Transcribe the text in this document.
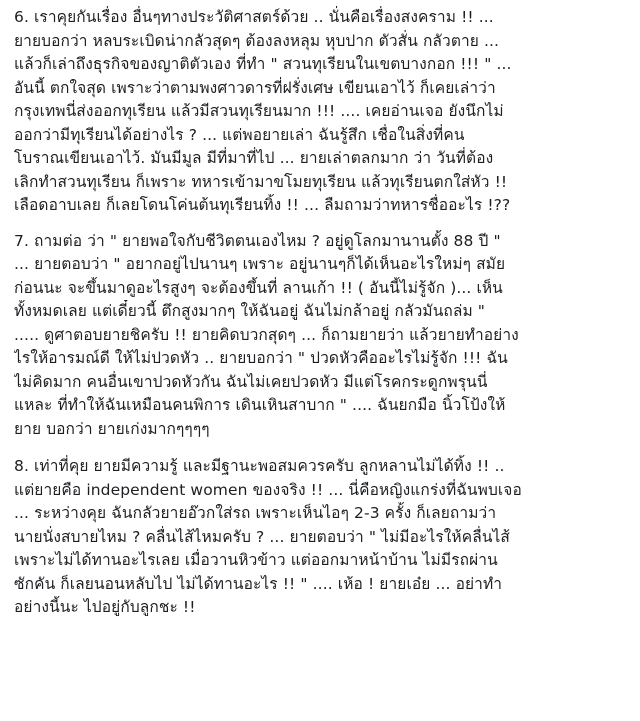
6. เราคุยกันเรื่อง อื่นๆทางประวัติศาสตร์ด้วย .. นั่นคือเรื่องสงคราม !! ...
ยายบอกว่า หลบระเบิดน่ากลัวสุดๆ ต้องลงหลุม หุบปาก ตัวสั่น กลัวตาย ...
แล้วก็เล่าถึงธุรกิจของญาติตัวเอง ที่ทำ " สวนทุเรียนในเขตบางกอก !!! " ...
อันนี้ ตกใจสุด เพราะว่าตามพงศาวดารที่ฝรั่งเศษ เขียนเอาไว้ ก็เคยเล่าว่า
กรุงเทพนี่ส่งออกทุเรียน แล้วมีสวนทุเรียนมาก !!! .... เคยอ่านเจอ ยังนึกไม่
ออกว่ามีทุเรียนได้อย่างไร ? ... แต่พอยายเล่า ฉันรู้สึก เชื่อในสิ่งที่คน
โบราณเขียนเอาไว้. มันมีมูล มีที่มาที่ไป ... ยายเล่าตลกมาก ว่า วันที่ต้อง
เลิกทำสวนทุเรียน ก็เพราะ ทหารเข้ามาขโมยทุเรียน แล้วทุเรียนตกใส่หัว !!
เลือดอาบเลย ก็เลยโดนโค่นต้นทุเรียนทิ้ง !! ... ลืมถามว่าทหารชื่ออะไร !??
7. ถามต่อ ว่า " ยายพอใจกับชีวิตตนเองไหม ? อยู่ดูโลกมานานตั้ง 88 ปี "
... ยายตอบว่า " อยากอยู่ไปนานๆ เพราะ อยู่นานๆก็ได้เห็นอะไรใหม่ๆ สมัย
ก่อนนะ จะขึ้นมาดูอะไรสูงๆ จะต้องขึ้นที่ ลานเก้า !! ( อันนี้ไม่รู้จัก )... เห็น
ทั้งหมดเลย แต่เดี๋ยวนี้ ตึกสูงมากๆ ให้ฉันอยู่ ฉันไม่กล้าอยู่ กลัวมันถล่ม "
..... ดูศาตอบยายชิครับ !! ยายคิดบวกสุดๆ ... ก็ถามยายว่า แล้วยายทำอย่าง
ไรให้อารมณ์ดี ให้ไม่ปวดหัว .. ยายบอกว่า " ปวดหัวคืออะไรไม่รู้จัก !!! ฉัน
ไม่คิดมาก คนอื่นเขาปวดหัวกัน ฉันไม่เคยปวดหัว มีแต่โรคกระดูกพรุนนี่
แหละ ที่ทำให้ฉันเหมือนคนพิการ เดินเหินสาบาก " .... ฉันยกมือ นิ้วโป้งให้
ยาย บอกว่า ยายเก่งมากๆๆๆๆ
8. เท่าที่คุย ยายมีความรู้ และมีฐานะพอสมควรครับ ลูกหลานไม่ได้ทิ้ง !! ..
แต่ยายคือ independent women ของจริง !! ... นี่คือหญิงแกร่งที่ฉันพบเจอ
... ระหว่างคุย ฉันกลัวยายอ๊วกใส่รถ เพราะเห็นไอๆ 2-3 ครั้ง ก็เลยถามว่า
นายนั่งสบายไหม ? คลื่นไส้ไหมครับ ? ... ยายตอบว่า " ไม่มีอะไรให้คลื่นไส้
เพราะไม่ได้ทานอะไรเลย เมื่อวานหิวข้าว แต่ออกมาหน้าบ้าน ไม่มีรถผ่าน
ซักคัน ก็เลยนอนหลับไป ไม่ได้ทานอะไร !! " .... เห้อ ! ยายเอ๋ย ... อย่าทำ
อย่างนี้นะ ไปอยู่กับลูกชะ !!
